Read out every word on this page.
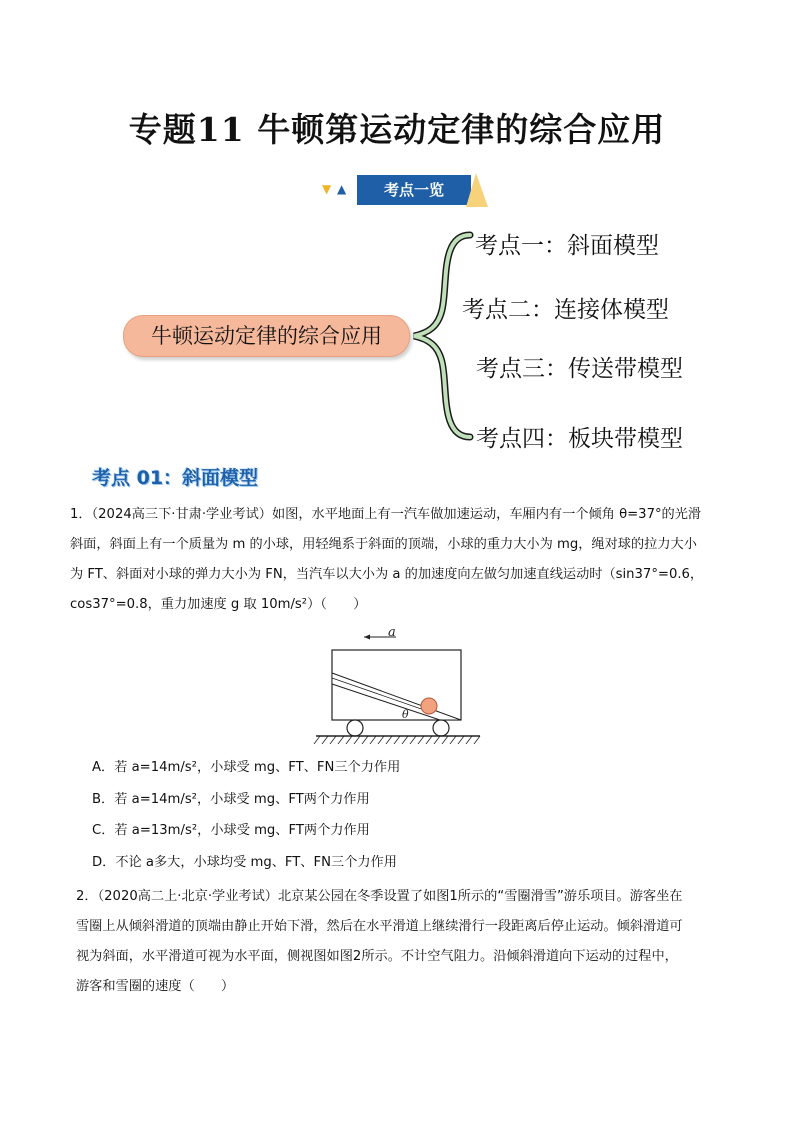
专题11 牛顿第运动定律的综合应用
▼ ▲	考点一览
牛顿运动定律的综合应用
考点一：斜面模型
考点二：连接体模型
考点三：传送带模型
考点四：板块带模型
考点 01：斜面模型
1．（2024高三下·甘肃·学业考试）如图，水平地面上有一汽车做加速运动，车厢内有一个倾角 θ=37°的光滑
斜面，斜面上有一个质量为 m 的小球，用轻绳系于斜面的顶端，小球的重力大小为 mg，绳对球的拉力大小
为 FT、斜面对小球的弹力大小为 FN，当汽车以大小为 a 的加速度向左做匀加速直线运动时（sin37°=0.6，
cos37°=0.8，重力加速度 g 取 10m/s²）（　　）
a
θ
A．若 a=14m/s²，小球受 mg、FT、FN三个力作用
B．若 a=14m/s²，小球受 mg、FT两个力作用
C．若 a=13m/s²，小球受 mg、FT两个力作用
D．不论 a多大，小球均受 mg、FT、FN三个力作用
2．（2020高二上·北京·学业考试）北京某公园在冬季设置了如图1所示的“雪圈滑雪”游乐项目。游客坐在
雪圈上从倾斜滑道的顶端由静止开始下滑，然后在水平滑道上继续滑行一段距离后停止运动。倾斜滑道可
视为斜面，水平滑道可视为水平面，侧视图如图2所示。不计空气阻力。沿倾斜滑道向下运动的过程中，
游客和雪圈的速度（　　）
